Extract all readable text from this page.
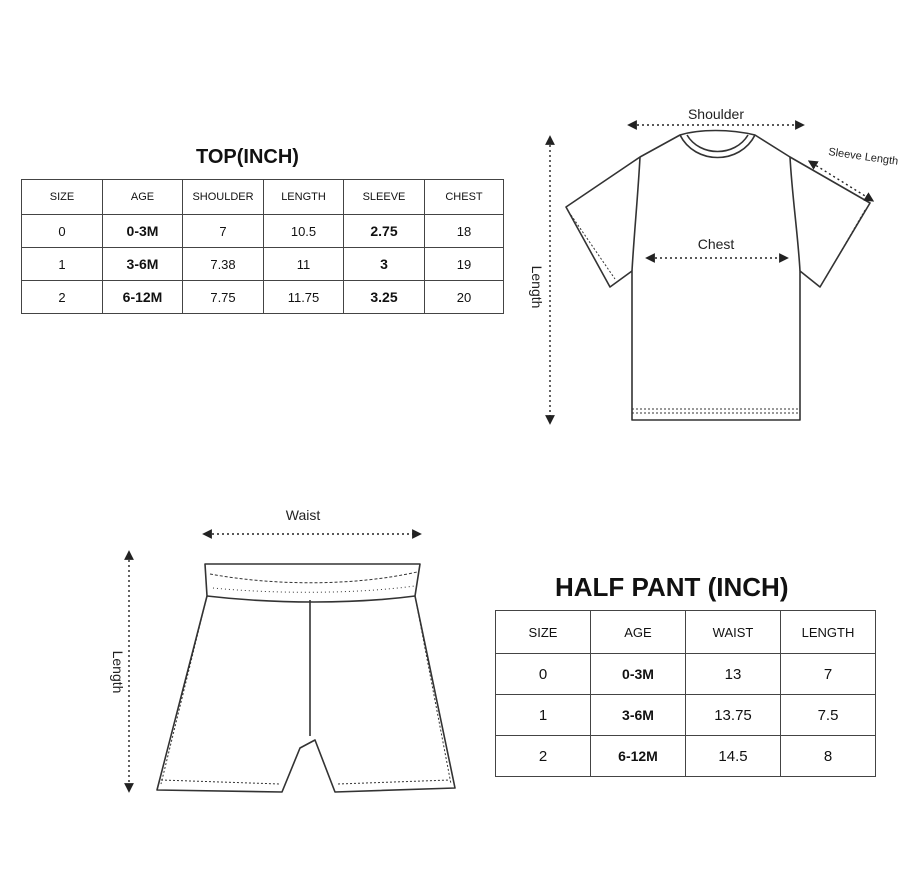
TOP(INCH)
SIZE	AGE	SHOULDER	LENGTH	SLEEVE	CHEST
0	0-3M	7	10.5	2.75	18
1	3-6M	7.38	11	3	19
2	6-12M	7.75	11.75	3.25	20
Shoulder
Chest
Sleeve Length
Length
Waist
Length
HALF PANT (INCH)
SIZE	AGE	WAIST	LENGTH
0	0-3M	13	7
1	3-6M	13.75	7.5
2	6-12M	14.5	8
